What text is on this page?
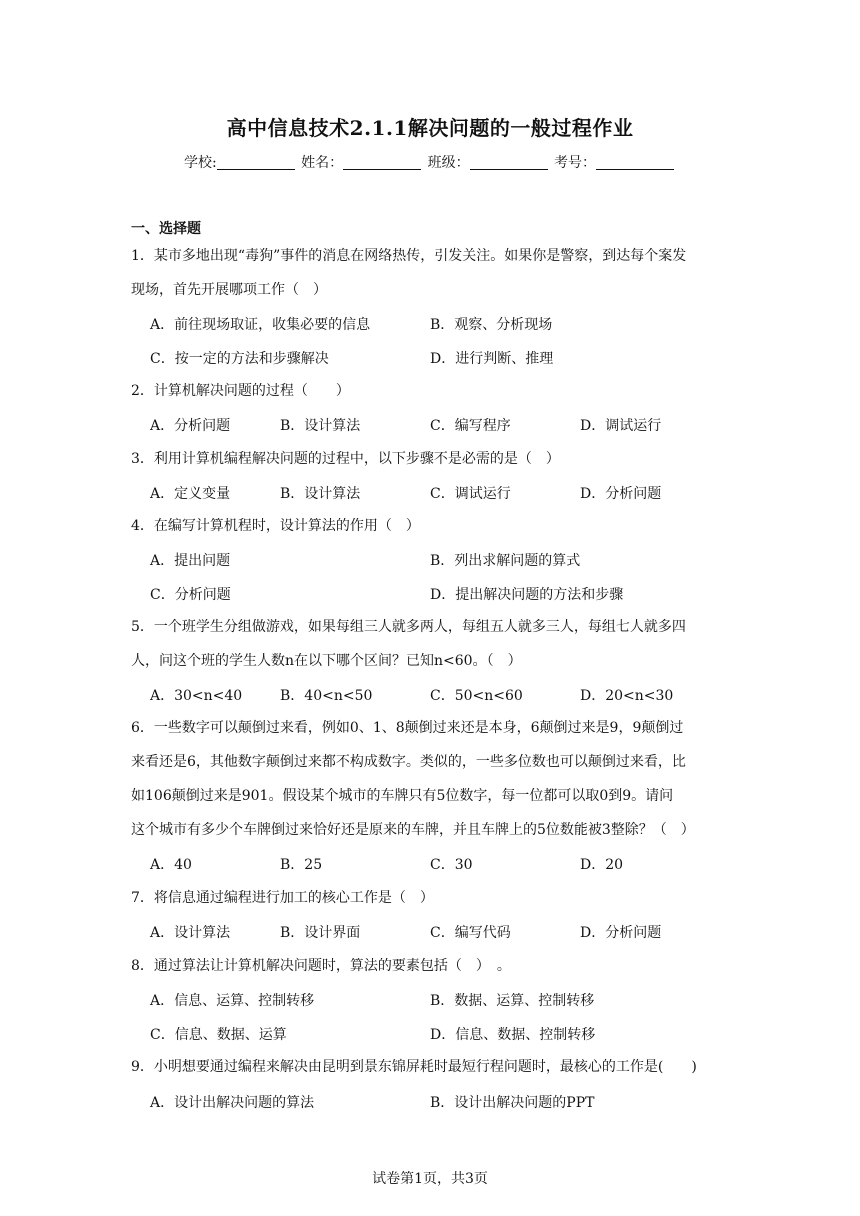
高中信息技术2.1.1解决问题的一般过程作业
学校:	姓名：	班级：	考号：
一、选择题
1．某市多地出现“毒狗”事件的消息在网络热传，引发关注。如果你是警察，到达每个案发
现场，首先开展哪项工作（　）
A．前往现场取证，收集必要的信息	B．观察、分析现场
C．按一定的方法和步骤解决	D．进行判断、推理
2．计算机解决问题的过程（　　）
A．分析问题	B．设计算法	C．编写程序	D．调试运行
3．利用计算机编程解决问题的过程中，以下步骤不是必需的是（　）
A．定义变量	B．设计算法	C．调试运行	D．分析问题
4．在编写计算机程时，设计算法的作用（　）
A．提出问题	B．列出求解问题的算式
C．分析问题	D．提出解决问题的方法和步骤
5．一个班学生分组做游戏，如果每组三人就多两人，每组五人就多三人，每组七人就多四
人，问这个班的学生人数n在以下哪个区间？已知n<60。（　）
A．30<n<40	B．40<n<50	C．50<n<60	D．20<n<30
6．一些数字可以颠倒过来看，例如0、1、8颠倒过来还是本身，6颠倒过来是9，9颠倒过
来看还是6，其他数字颠倒过来都不构成数字。类似的，一些多位数也可以颠倒过来看，比
如106颠倒过来是901。假设某个城市的车牌只有5位数字，每一位都可以取0到9。请问
这个城市有多少个车牌倒过来恰好还是原来的车牌，并且车牌上的5位数能被3整除？（　）
A．40	B．25	C．30	D．20
7．将信息通过编程进行加工的核心工作是（　）
A．设计算法	B．设计界面	C．编写代码	D．分析问题
8．通过算法让计算机解决问题时，算法的要素包括（　）　。
A．信息、运算、控制转移	B．数据、运算、控制转移
C．信息、数据、运算	D．信息、数据、控制转移
9．小明想要通过编程来解决由昆明到景东锦屏耗时最短行程问题时，最核心的工作是(　　)
A．设计出解决问题的算法	B．设计出解决问题的PPT
试卷第1页，共3页
